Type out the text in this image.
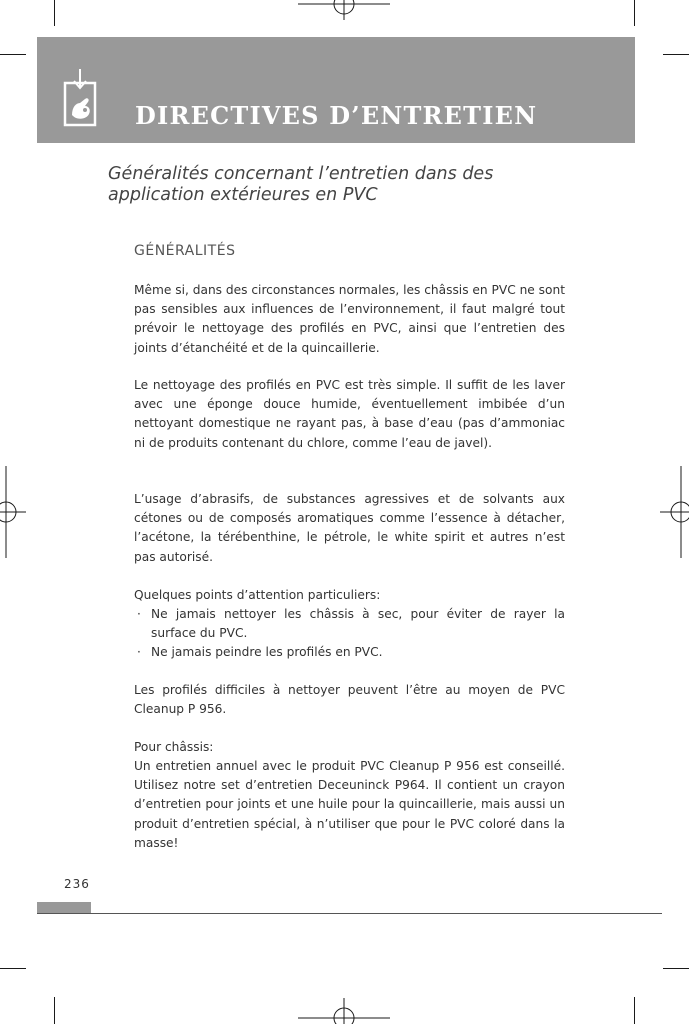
DIRECTIVES D’ENTRETIEN
Généralités concernant l’entretien dans des
application extérieures en PVC
GÉNÉRALITÉS
Même si, dans des circonstances normales, les châssis en PVC ne sont pas sensibles aux influences de l’environnement, il faut malgré tout prévoir le nettoyage des profilés en PVC, ainsi que l’entretien des joints d’étanchéité et de la quincaillerie.
Le nettoyage des profilés en PVC est très simple. Il suffit de les laver avec une éponge douce humide, éventuellement imbibée d’un nettoyant domestique ne rayant pas, à base d’eau (pas d’ammoniac ni de produits contenant du chlore, comme l’eau de javel).
L’usage d’abrasifs, de substances agressives et de solvants aux cétones ou de composés aromatiques comme l’essence à détacher, l’acétone, la térébenthine, le pétrole, le white spirit et autres n’est pas autorisé.
Quelques points d’attention particuliers:
· Ne jamais nettoyer les châssis à sec, pour éviter de rayer la surface du PVC.
· Ne jamais peindre les profilés en PVC.
Les profilés difficiles à nettoyer peuvent l’être au moyen de PVC Cleanup P 956.
Pour châssis:
Un entretien annuel avec le produit PVC Cleanup P 956 est conseillé. Utilisez notre set d’entretien Deceuninck P964. Il contient un crayon d’entretien pour joints et une huile pour la quincaillerie, mais aussi un produit d’entretien spécial, à n’utiliser que pour le PVC coloré dans la masse!
236
